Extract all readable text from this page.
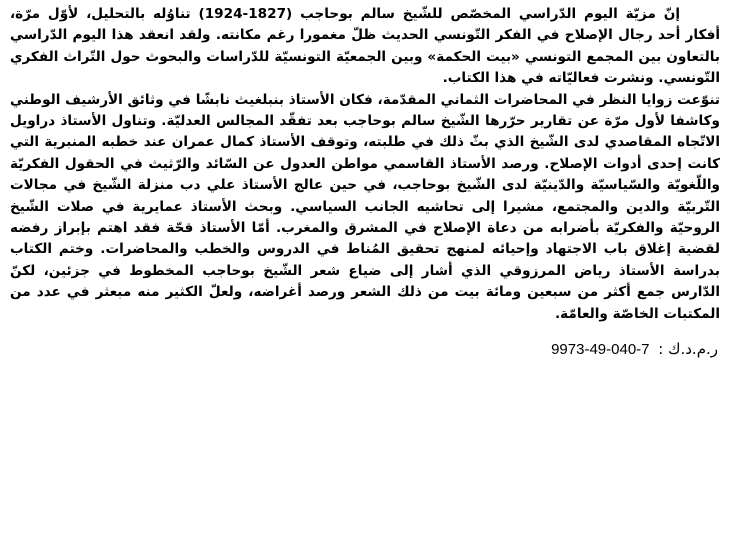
إنّ مزيّة اليوم الدّراسي المخصّص للشّيخ سالم بوحاجب (1827-1924) تناوُله بالتحليل، لأوّل مرّة، أفكار أحد رجال الإصلاح في الفكر التّونسي الحديث ظلّ مغمورا رغم مكانته. ولقد انعقد هذا اليوم الدّراسي بالتعاون بين المجمع التونسي «بيت الحكمة» وبين الجمعيّة التونسيّة للدّراسات والبحوث حول التّراث الفكري التّونسي. ونشرت فعاليّاته في هذا الكتاب.

تنوّعت زوايا النظر في المحاضرات الثماني المقدّمة، فكان الأستاذ بنبلغيث نابشًا في وثائق الأرشيف الوطني وكاشفا لأول مرّة عن تقارير حرّرها الشّيخ سالم بوحاجب بعد تفقّد المجالس العدليّة. وتناول الأستاذ دراويل الاتّجاه المقاصدي لدى الشّيخ الذي بثّ ذلك في طلبته، وتوقف الأستاذ كمال عمران عند خطبه المنبرية التي كانت إحدى أدوات الإصلاح. ورصد الأستاذ القاسمي مواطن العدول عن السّائد والرّثيث في الحقول الفكريّة واللّغويّة والسّياسيّة والدّينيّة لدى الشّيخ بوحاجب، في حين عالج الأستاذ علي دب منزلة الشّيخ في مجالات التّربيّة والدين والمجتمع، مشيرا إلى تحاشيه الجانب السياسي. وبحث الأستاذ عمايرية في صلات الشّيخ الروحيّة والفكريّة بأضرابه من دعاة الإصلاح في المشرق والمغرب. أمّا الأستاذ قحّة فقد اهتم بإبراز رفضه لقضية إغلاق باب الاجتهاد وإحيائه لمنهج تحقيق المُناط في الدروس والخطب والمحاضرات. وختم الكتاب بدراسة الأستاذ رياض المرزوقي الذي أشار إلى ضياع شعر الشّيخ بوحاجب المخطوط في جزئين، لكنّ الدّارس جمع أكثر من سبعين ومائة بيت من ذلك الشعر ورصد أغراضه، ولعلّ الكثير منه مبعثر في عدد من المكتبات الخاصّة والعامّة.

ر.م.د.ك : 9973-49-040-7
